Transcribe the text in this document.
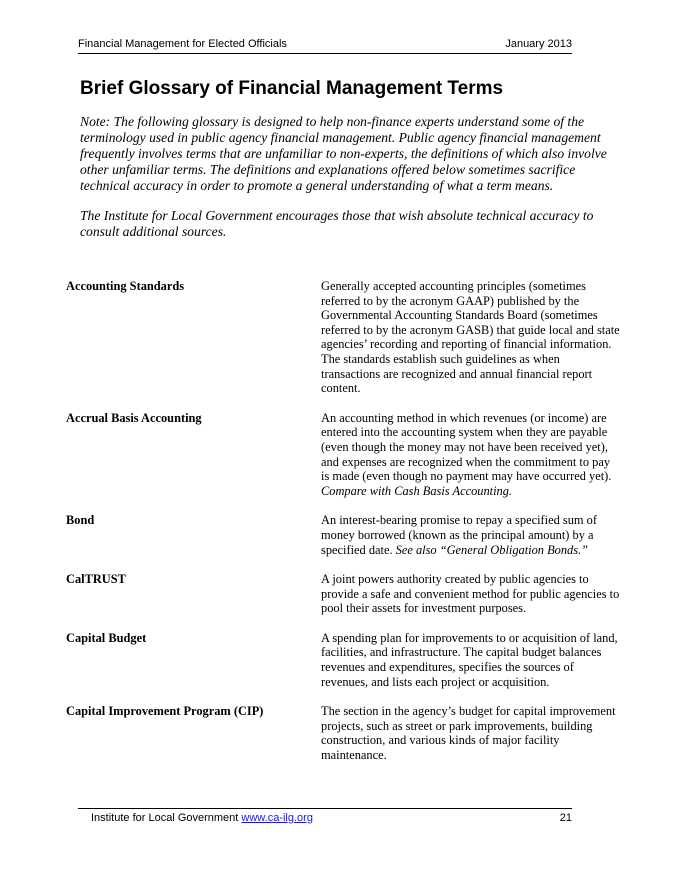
Financial Management for Elected Officials	January 2013
Brief Glossary of Financial Management Terms

Note: The following glossary is designed to help non-finance experts understand some of the terminology used in public agency financial management. Public agency financial management frequently involves terms that are unfamiliar to non-experts, the definitions of which also involve other unfamiliar terms. The definitions and explanations offered below sometimes sacrifice technical accuracy in order to promote a general understanding of what a term means.

The Institute for Local Government encourages those that wish absolute technical accuracy to consult additional sources.

Accounting Standards	Generally accepted accounting principles (sometimes referred to by the acronym GAAP) published by the Governmental Accounting Standards Board (sometimes referred to by the acronym GASB) that guide local and state agencies’ recording and reporting of financial information. The standards establish such guidelines as when transactions are recognized and annual financial report content.
Accrual Basis Accounting	An accounting method in which revenues (or income) are entered into the accounting system when they are payable (even though the money may not have been received yet), and expenses are recognized when the commitment to pay is made (even though no payment may have occurred yet). Compare with Cash Basis Accounting.
Bond	An interest-bearing promise to repay a specified sum of money borrowed (known as the principal amount) by a specified date. See also “General Obligation Bonds.”
CalTRUST	A joint powers authority created by public agencies to provide a safe and convenient method for public agencies to pool their assets for investment purposes.
Capital Budget	A spending plan for improvements to or acquisition of land, facilities, and infrastructure. The capital budget balances revenues and expenditures, specifies the sources of revenues, and lists each project or acquisition.
Capital Improvement Program (CIP)	The section in the agency’s budget for capital improvement projects, such as street or park improvements, building construction, and various kinds of major facility maintenance.
Institute for Local Government www.ca-ilg.org	21
